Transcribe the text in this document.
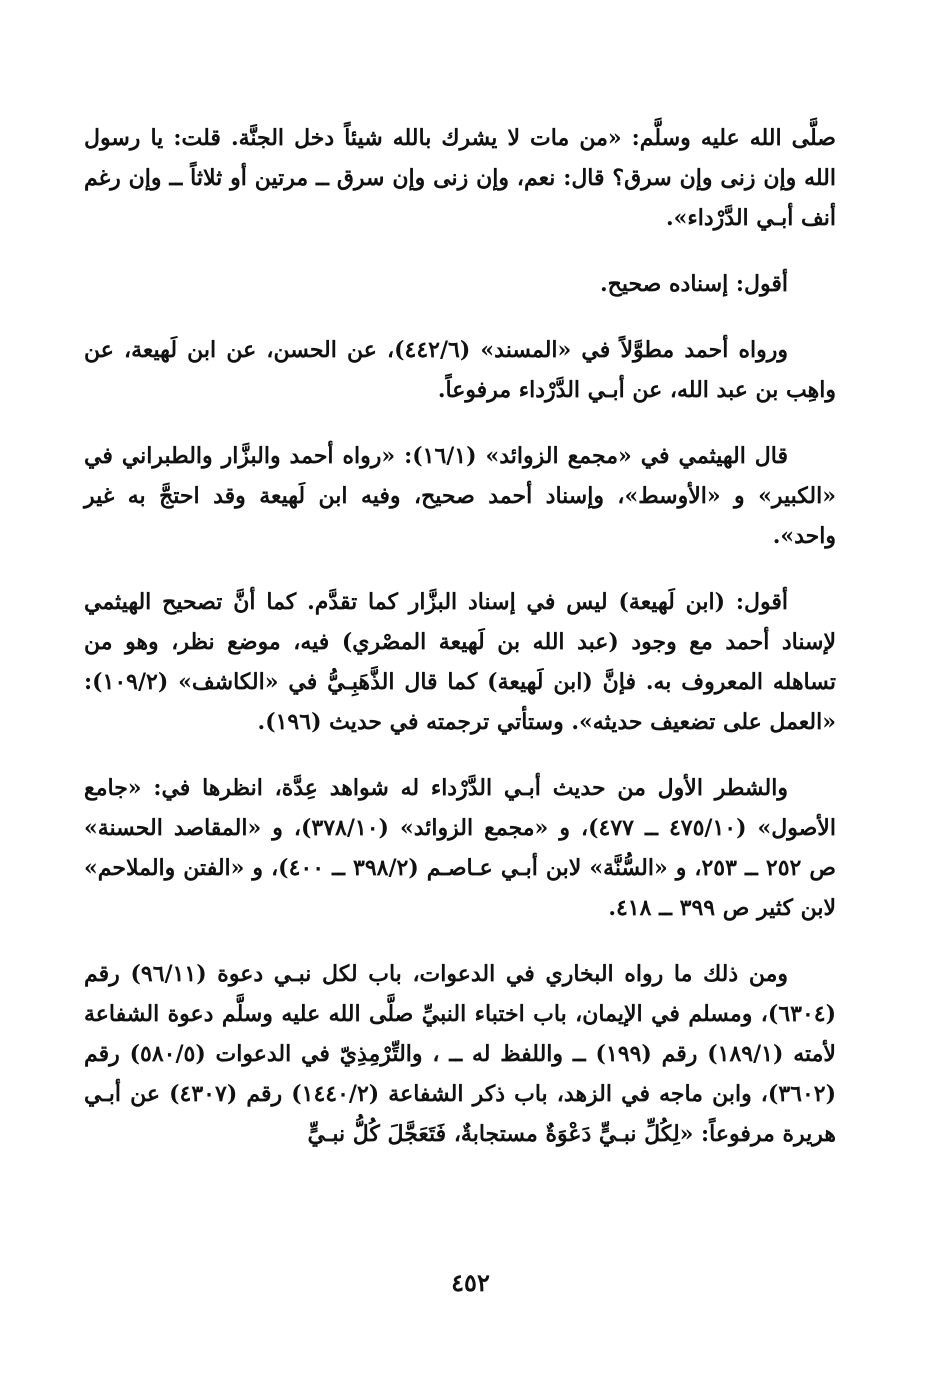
صلَّى الله عليه وسلَّم: «من مات لا يشرك بالله شيئاً دخل الجنَّة. قلت: يا رسول الله وإن زنى وإن سرق؟ قال: نعم، وإن زنى وإن سرق ــ مرتين أو ثلاثاً ــ وإن رغم أنف أبـي الدَّرْداء».

أقول: إسناده صحيح.

ورواه أحمد مطوَّلاً في «المسند» (٤٤٢/٦)، عن الحسن، عن ابن لَهيعة، عن واهِب بن عبد الله، عن أبـي الدَّرْداء مرفوعاً.

قال الهيثمي في «مجمع الزوائد» (١٦/١): «رواه أحمد والبزَّار والطبراني في «الكبير» و «الأوسط»، وإسناد أحمد صحيح، وفيه ابن لَهيعة وقد احتجَّ به غير واحد».

أقول: (ابن لَهيعة) ليس في إسناد البزَّار كما تقدَّم. كما أنَّ تصحيح الهيثمي لإسناد أحمد مع وجود (عبد الله بن لَهيعة المصْري) فيه، موضع نظر، وهو من تساهله المعروف به. فإنَّ (ابن لَهيعة) كما قال الذَّهَبِـيُّ في «الكاشف» (١٠٩/٢): «العمل على تضعيف حديثه». وستأتي ترجمته في حديث (١٩٦).

والشطر الأول من حديث أبـي الدَّرْداء له شواهد عِدَّة، انظرها في: «جامع الأصول» (٤٧٥/١٠ ــ ٤٧٧)، و «مجمع الزوائد» (٣٧٨/١٠)، و «المقاصد الحسنة» ص ٢٥٢ ــ ٢٥٣، و «السُّنَّة» لابن أبـي عـاصـم (٣٩٨/٢ ــ ٤٠٠)، و «الفتن والملاحم» لابن كثير ص ٣٩٩ ــ ٤١٨.

ومن ذلك ما رواه البخاري في الدعوات، باب لكل نبـي دعوة (٩٦/١١) رقم (٦٣٠٤)، ومسلم في الإيمان، باب اختباء النبيِّ صلَّى الله عليه وسلَّم دعوة الشفاعة لأمته (١٨٩/١) رقم (١٩٩) ــ واللفظ له ــ ، والتِّرْمِذِيّ في الدعوات (٥٨٠/٥) رقم (٣٦٠٢)، وابن ماجه في الزهد، باب ذكر الشفاعة (١٤٤٠/٢) رقم (٤٣٠٧) عن أبـي هريرة مرفوعاً: «لِكُلِّ نبـيٍّ دَعْوَةٌ مستجابةٌ، فَتَعَجَّلَ كُلُّ نبـيٍّ

٤٥٢
